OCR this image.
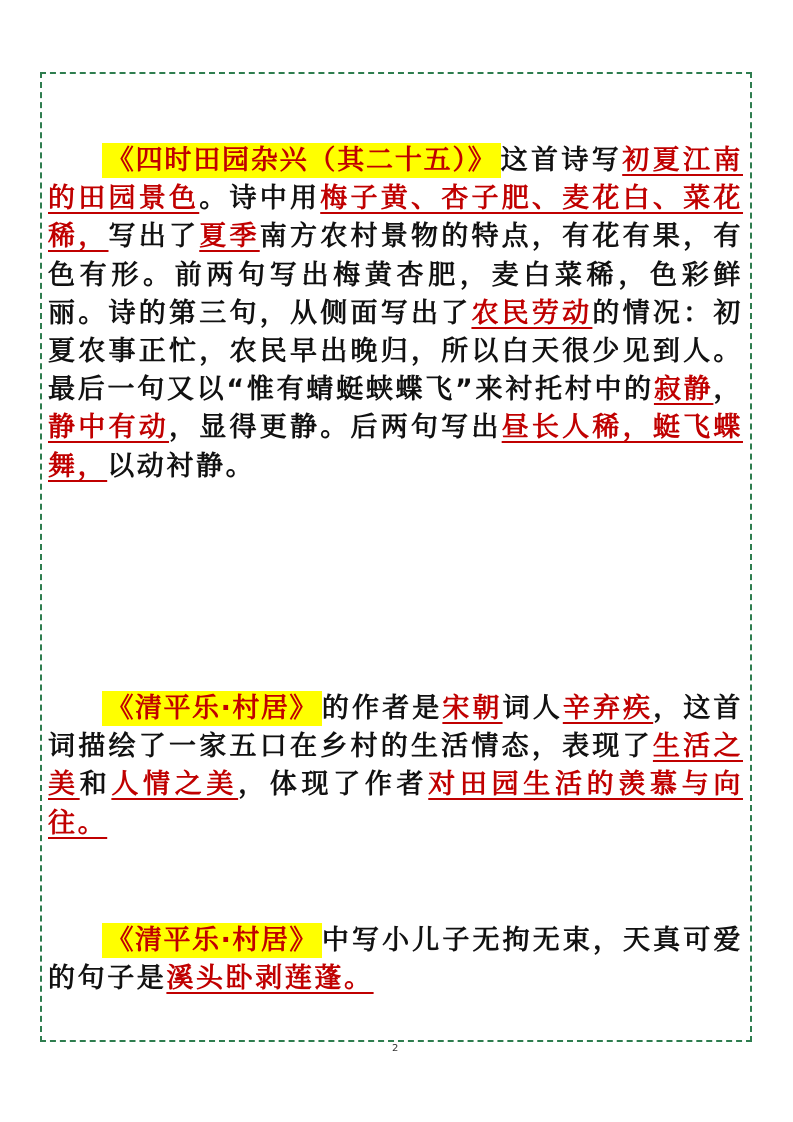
《四时田园杂兴（其二十五）》 这首诗写初夏江南的田园景色。诗中用梅子黄、杏子肥、麦花白、菜花稀，写出了夏季南方农村景物的特点，有花有果，有色有形。前两句写出梅黄杏肥，麦白菜稀，色彩鲜丽。诗的第三句，从侧面写出了农民劳动的情况：初夏农事正忙，农民早出晚归，所以白天很少见到人。最后一句又以“惟有蜻蜓蛱蝶飞”来衬托村中的寂静，静中有动，显得更静。后两句写出昼长人稀，蜓飞蝶舞，以动衬静。
《清平乐·村居》 的作者是宋朝词人辛弃疾，这首词描绘了一家五口在乡村的生活情态，表现了生活之美和人情之美，体现了作者对田园生活的羡慕与向往。
《清平乐·村居》 中写小儿子无拘无束，天真可爱的句子是溪头卧剥莲蓬。
2
